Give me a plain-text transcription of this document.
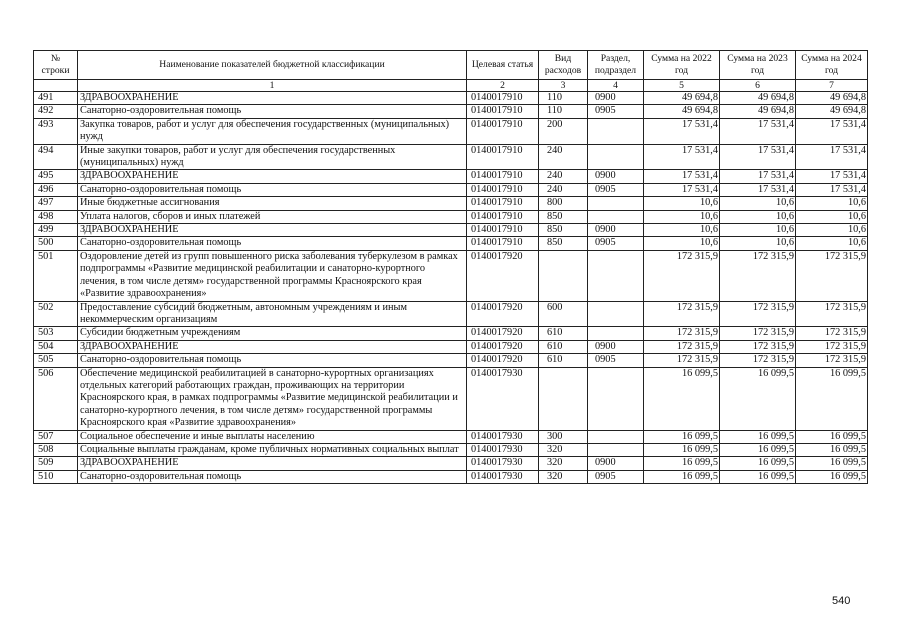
№ строки	Наименование показателей бюджетной классификации	Целевая статья	Вид расходов	Раздел, подраздел	Сумма на 2022 год	Сумма на 2023 год	Сумма на 2024 год
	1	2	3	4	5	6	7
491	ЗДРАВООХРАНЕНИЕ	0140017910	110	0900	49 694,8	49 694,8	49 694,8
492	Санаторно-оздоровительная помощь	0140017910	110	0905	49 694,8	49 694,8	49 694,8
493	Закупка товаров, работ и услуг для обеспечения государственных (муниципальных) нужд	0140017910	200		17 531,4	17 531,4	17 531,4
494	Иные закупки товаров, работ и услуг для обеспечения государственных (муниципальных) нужд	0140017910	240		17 531,4	17 531,4	17 531,4
495	ЗДРАВООХРАНЕНИЕ	0140017910	240	0900	17 531,4	17 531,4	17 531,4
496	Санаторно-оздоровительная помощь	0140017910	240	0905	17 531,4	17 531,4	17 531,4
497	Иные бюджетные ассигнования	0140017910	800		10,6	10,6	10,6
498	Уплата налогов, сборов и иных платежей	0140017910	850		10,6	10,6	10,6
499	ЗДРАВООХРАНЕНИЕ	0140017910	850	0900	10,6	10,6	10,6
500	Санаторно-оздоровительная помощь	0140017910	850	0905	10,6	10,6	10,6
501	Оздоровление детей из групп повышенного риска заболевания туберкулезом в рамках подпрограммы «Развитие медицинской реабилитации и санаторно-курортного лечения, в том числе детям» государственной программы Красноярского края «Развитие здравоохранения»	0140017920			172 315,9	172 315,9	172 315,9
502	Предоставление субсидий бюджетным, автономным учреждениям и иным некоммерческим организациям	0140017920	600		172 315,9	172 315,9	172 315,9
503	Субсидии бюджетным учреждениям	0140017920	610		172 315,9	172 315,9	172 315,9
504	ЗДРАВООХРАНЕНИЕ	0140017920	610	0900	172 315,9	172 315,9	172 315,9
505	Санаторно-оздоровительная помощь	0140017920	610	0905	172 315,9	172 315,9	172 315,9
506	Обеспечение медицинской реабилитацией в санаторно-курортных организациях отдельных категорий работающих граждан, проживающих на территории Красноярского края, в рамках подпрограммы «Развитие медицинской реабилитации и санаторно-курортного лечения, в том числе детям» государственной программы Красноярского края «Развитие здравоохранения»	0140017930			16 099,5	16 099,5	16 099,5
507	Социальное обеспечение и иные выплаты населению	0140017930	300		16 099,5	16 099,5	16 099,5
508	Социальные выплаты гражданам, кроме публичных нормативных социальных выплат	0140017930	320		16 099,5	16 099,5	16 099,5
509	ЗДРАВООХРАНЕНИЕ	0140017930	320	0900	16 099,5	16 099,5	16 099,5
510	Санаторно-оздоровительная помощь	0140017930	320	0905	16 099,5	16 099,5	16 099,5
540
